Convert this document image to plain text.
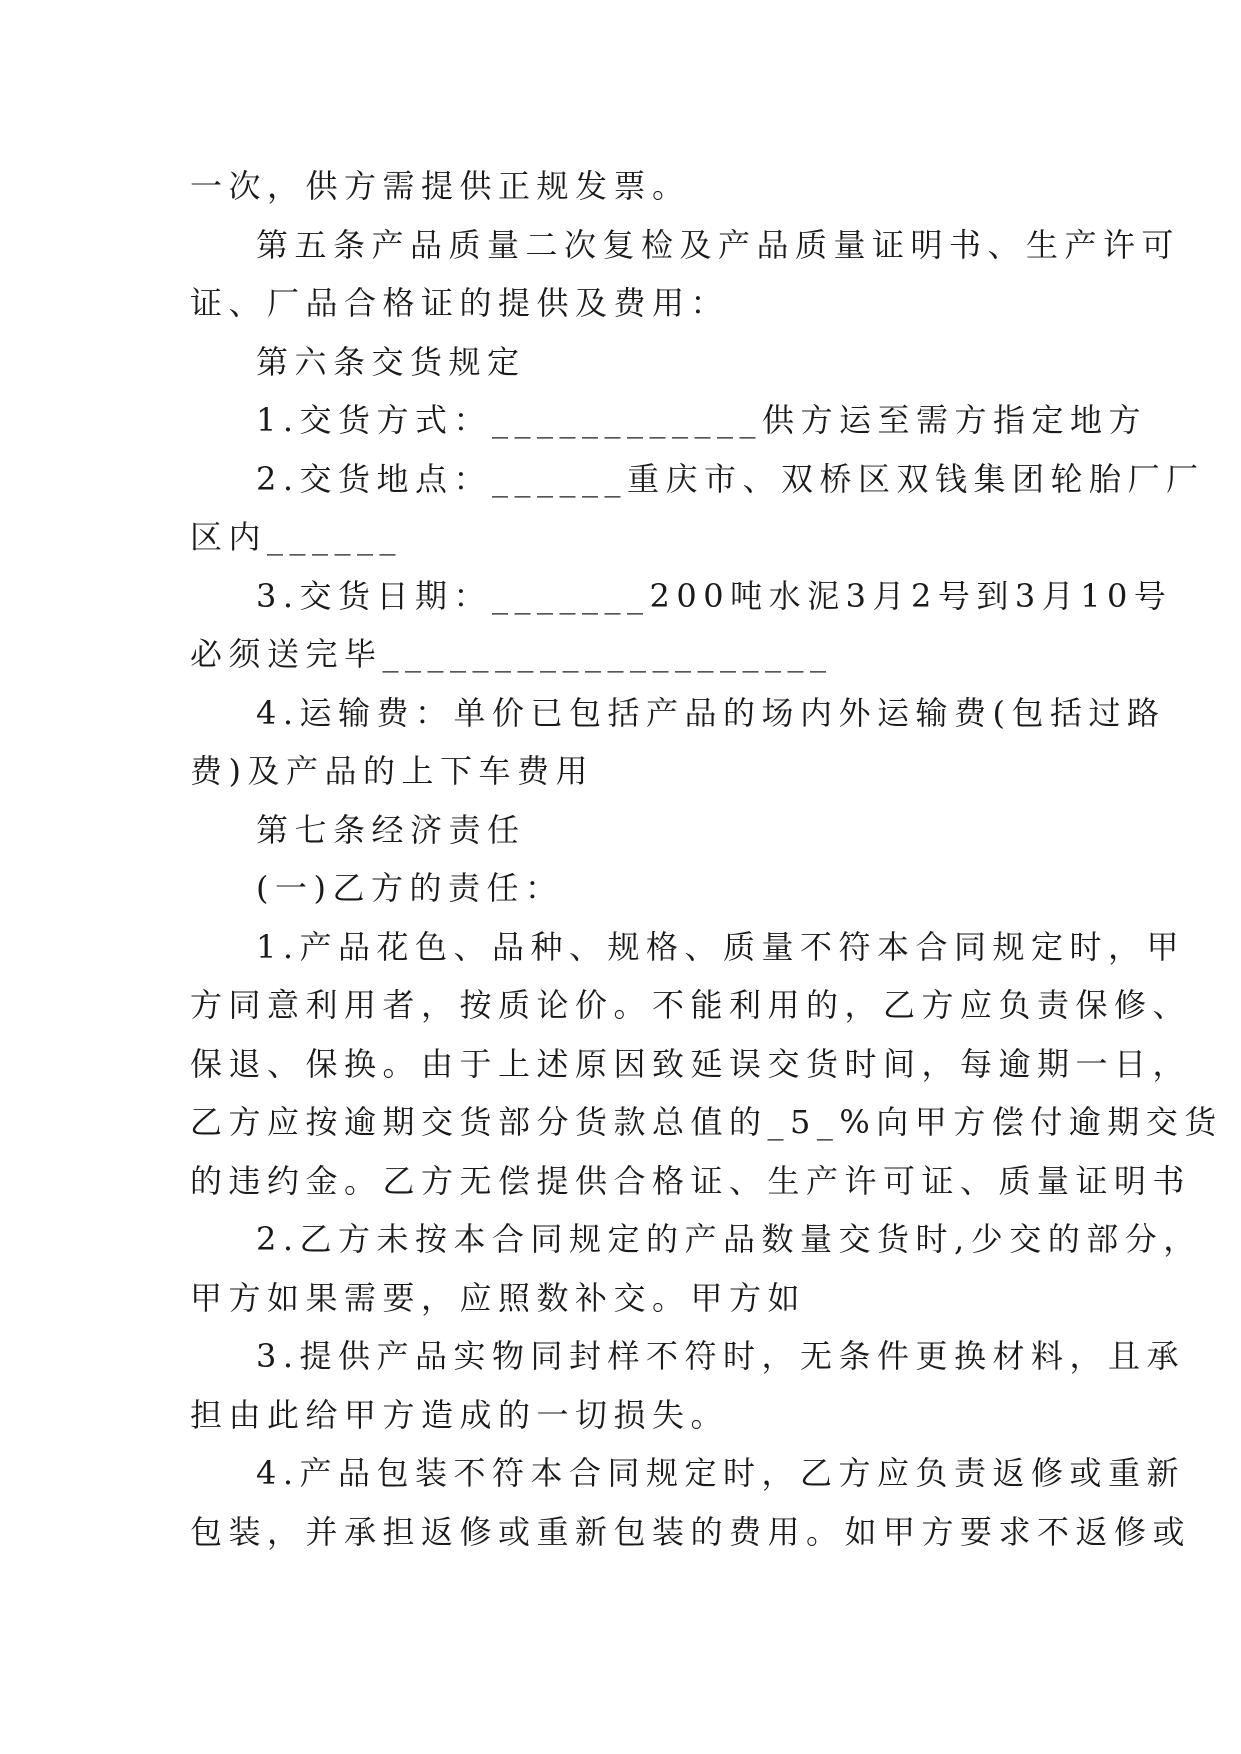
一次，供方需提供正规发票。
第五条产品质量二次复检及产品质量证明书、生产许可
证、厂品合格证的提供及费用：
第六条交货规定
1.交货方式：____________供方运至需方指定地方
2.交货地点：______重庆市、双桥区双钱集团轮胎厂厂
区内______
3.交货日期：_______200吨水泥3月2号到3月10号
必须送完毕____________________
4.运输费：单价已包括产品的场内外运输费(包括过路
费)及产品的上下车费用
第七条经济责任
(一)乙方的责任：
1.产品花色、品种、规格、质量不符本合同规定时，甲
方同意利用者，按质论价。不能利用的，乙方应负责保修、
保退、保换。由于上述原因致延误交货时间，每逾期一日，
乙方应按逾期交货部分货款总值的_5_%向甲方偿付逾期交货
的违约金。乙方无偿提供合格证、生产许可证、质量证明书
2.乙方未按本合同规定的产品数量交货时,少交的部分，
甲方如果需要，应照数补交。甲方如
3.提供产品实物同封样不符时，无条件更换材料，且承
担由此给甲方造成的一切损失。
4.产品包装不符本合同规定时，乙方应负责返修或重新
包装，并承担返修或重新包装的费用。如甲方要求不返修或
